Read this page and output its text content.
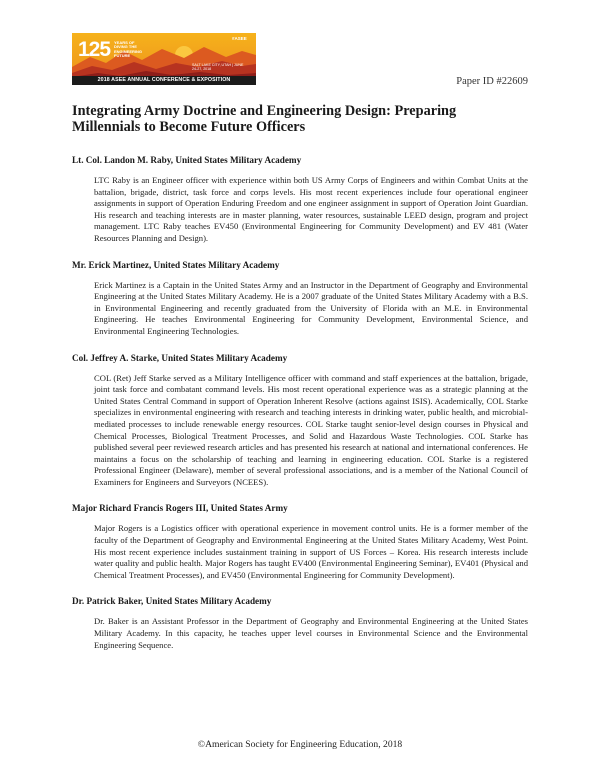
125 YEARS OF DIVING THE ENGINEERING FUTURE
#ASEE
SALT LAKE CITY, UTAH | JUNE 24-27, 2018
2018 ASEE ANNUAL CONFERENCE & EXPOSITION	Paper ID #22609
Integrating Army Doctrine and Engineering Design: Preparing Millennials to Become Future Officers
Lt. Col. Landon M. Raby, United States Military Academy

LTC Raby is an Engineer officer with experience within both US Army Corps of Engineers and within Combat Units at the battalion, brigade, district, task force and corps levels. His most recent experiences include four operational engineer assignments in support of Operation Enduring Freedom and one engineer assignment in support of Operation Joint Guardian. His research and teaching interests are in master planning, water resources, sustainable LEED design, program and project management. LTC Raby teaches EV450 (Environmental Engineering for Community Development) and EV 481 (Water Resources Planning and Design).

Mr. Erick Martinez, United States Military Academy

Erick Martinez is a Captain in the United States Army and an Instructor in the Department of Geography and Environmental Engineering at the United States Military Academy. He is a 2007 graduate of the United States Military Academy with a B.S. in Environmental Engineering and recently graduated from the University of Florida with an M.E. in Environmental Engineering. He teaches Environmental Engineering for Community Development, Environmental Science, and Environmental Engineering Technologies.

Col. Jeffrey A. Starke, United States Military Academy

COL (Ret) Jeff Starke served as a Military Intelligence officer with command and staff experiences at the battalion, brigade, joint task force and combatant command levels. His most recent operational experience was as a strategic planning at the United States Central Command in support of Operation Inherent Resolve (actions against ISIS). Academically, COL Starke specializes in environmental engineering with research and teaching interests in drinking water, public health, and microbial-mediated processes to include renewable energy resources. COL Starke taught senior-level design courses in Physical and Chemical Processes, Biological Treatment Processes, and Solid and Hazardous Waste Technologies. COL Starke has published several peer reviewed research articles and has presented his research at national and international conferences. He maintains a focus on the scholarship of teaching and learning in engineering education. COL Starke is a registered Professional Engineer (Delaware), member of several professional associations, and is a member of the National Council of Examiners for Engineers and Surveyors (NCEES).

Major Richard Francis Rogers III, United States Army

Major Rogers is a Logistics officer with operational experience in movement control units. He is a former member of the faculty of the Department of Geography and Environmental Engineering at the United States Military Academy, West Point. His most recent experience includes sustainment training in support of US Forces – Korea. His research interests include water quality and public health. Major Rogers has taught EV400 (Environmental Engineering Seminar), EV401 (Physical and Chemical Treatment Processes), and EV450 (Environmental Engineering for Community Development).

Dr. Patrick Baker, United States Military Academy

Dr. Baker is an Assistant Professor in the Department of Geography and Environmental Engineering at the United States Military Academy. In this capacity, he teaches upper level courses in Environmental Science and the Environmental Engineering Sequence.

©American Society for Engineering Education, 2018
